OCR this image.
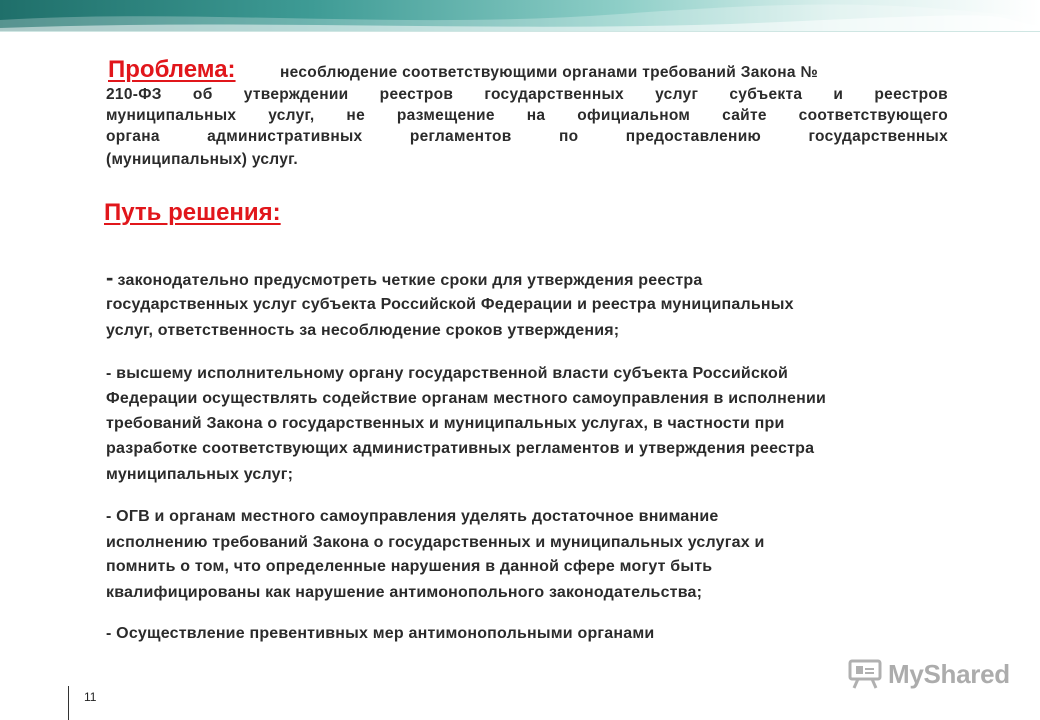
Проблема:	несоблюдение соответствующими органами требований Закона №

210-ФЗ об утверждении реестров государственных услуг субъекта и реестров

муниципальных услуг, не размещение на официальном сайте соответствующего

органа административных регламентов по предоставлению государственных

(муниципальных) услуг.

Путь решения:

- законодательно предусмотреть четкие сроки для утверждения реестра

государственных услуг субъекта Российской Федерации и реестра муниципальных

услуг, ответственность за несоблюдение сроков утверждения;

- высшему исполнительному органу государственной власти субъекта Российской

Федерации осуществлять содействие органам местного самоуправления в исполнении

требований Закона о государственных и муниципальных услугах, в частности при

разработке соответствующих административных регламентов и утверждения реестра

муниципальных услуг;

- ОГВ и органам местного самоуправления уделять достаточное внимание

исполнению требований Закона о государственных и муниципальных услугах и

помнить о том, что определенные нарушения в данной сфере могут быть

квалифицированы как нарушение антимонопольного законодательства;

- Осуществление превентивных мер антимонопольными органами

11
MyShared
